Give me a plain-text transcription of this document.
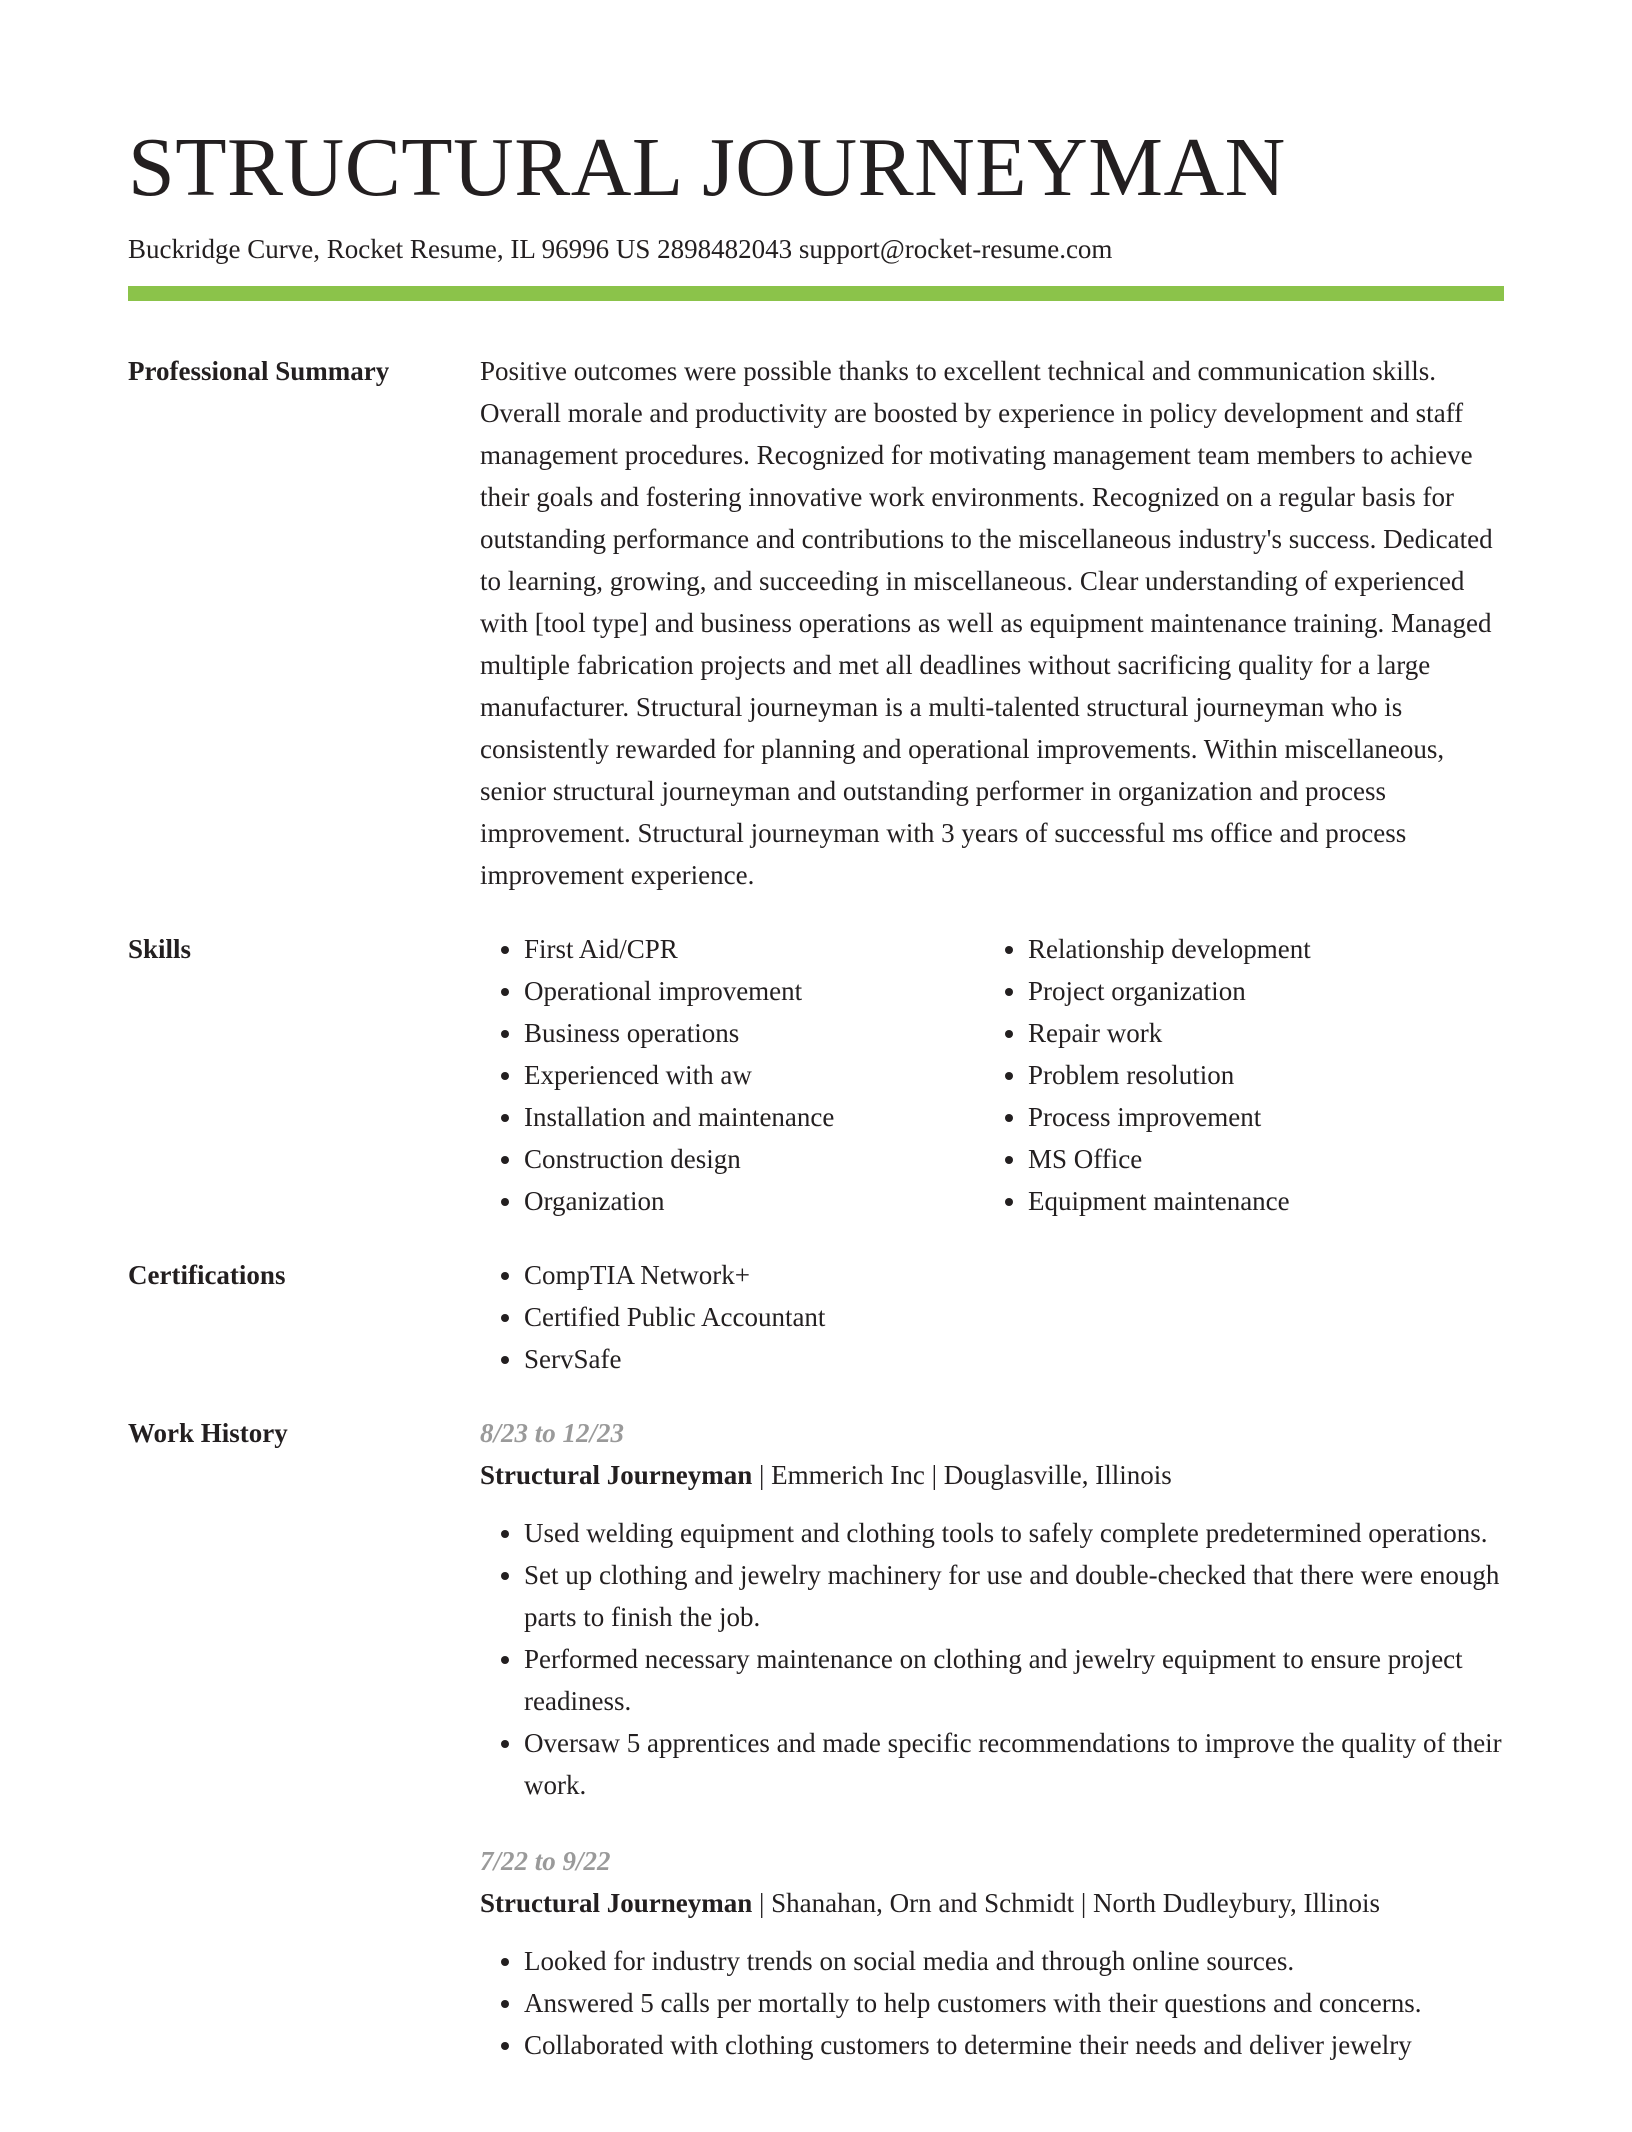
STRUCTURAL JOURNEYMAN
Buckridge Curve, Rocket Resume, IL 96996 US 2898482043 support@rocket-resume.com
Professional Summary	Positive outcomes were possible thanks to excellent technical and communication skills. Overall morale and productivity are boosted by experience in policy development and staff management procedures. Recognized for motivating management team members to achieve their goals and fostering innovative work environments. Recognized on a regular basis for outstanding performance and contributions to the miscellaneous industry's success. Dedicated to learning, growing, and succeeding in miscellaneous. Clear understanding of experienced with [tool type] and business operations as well as equipment maintenance training. Managed multiple fabrication projects and met all deadlines without sacrificing quality for a large manufacturer. Structural journeyman is a multi-talented structural journeyman who is consistently rewarded for planning and operational improvements. Within miscellaneous, senior structural journeyman and outstanding performer in organization and process improvement. Structural journeyman with 3 years of successful ms office and process improvement experience.

Skills	• First Aid/CPR
• Operational improvement
• Business operations
• Experienced with aw
• Installation and maintenance
• Construction design
• Organization
• Relationship development
• Project organization
• Repair work
• Problem resolution
• Process improvement
• MS Office
• Equipment maintenance
Certifications	• CompTIA Network+
• Certified Public Accountant
• ServSafe
Work History	8/23 to 12/23
Structural Journeyman | Emmerich Inc | Douglasville, Illinois
• Used welding equipment and clothing tools to safely complete predetermined operations.
• Set up clothing and jewelry machinery for use and double-checked that there were enough parts to finish the job.
• Performed necessary maintenance on clothing and jewelry equipment to ensure project readiness.
• Oversaw 5 apprentices and made specific recommendations to improve the quality of their work.
7/22 to 9/22
Structural Journeyman | Shanahan, Orn and Schmidt | North Dudleybury, Illinois
• Looked for industry trends on social media and through online sources.
• Answered 5 calls per mortally to help customers with their questions and concerns.
• Collaborated with clothing customers to determine their needs and deliver jewelry
